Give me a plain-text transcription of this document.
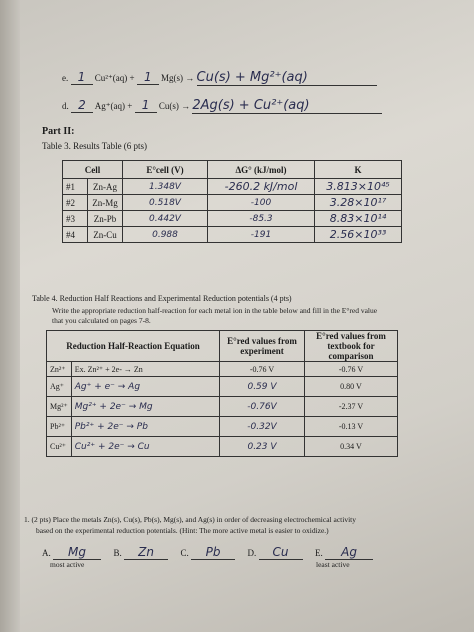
e. 1 Cu²⁺(aq) + 1 Mg(s) → Cu(s) + Mg²⁺(aq)
d. 2 Ag⁺(aq) + 1 Cu(s) → 2Ag(s) + Cu²⁺(aq)
Part II:
Table 3. Results Table (6 pts)
Cell		E°cell (V)	ΔG° (kJ/mol)	K
#1	Zn-Ag	1.348V	-260.2 kJ/mol	3.813×10⁴⁵
#2	Zn-Mg	0.518V	-100	3.28×10¹⁷
#3	Zn-Pb	0.442V	-85.3	8.83×10¹⁴
#4	Zn-Cu	0.988	-191	2.56×10³³
Table 4. Reduction Half Reactions and Experimental Reduction potentials (4 pts)
Write the appropriate reduction half-reaction for each metal ion in the table below and fill in the E°red value
that you calculated on pages 7-8.
Reduction Half-Reaction Equation		E°red values from experiment	E°red values from textbook for comparison
Zn²⁺	Ex. Zn²⁺ + 2e- → Zn	-0.76 V	-0.76 V
Ag⁺	Ag⁺ + e⁻ → Ag	0.59 V	0.80 V
Mg²⁺	Mg²⁺ + 2e⁻ → Mg	-0.76V	-2.37 V
Pb²⁺	Pb²⁺ + 2e⁻ → Pb	-0.32V	-0.13 V
Cu²⁺	Cu²⁺ + 2e⁻ → Cu	0.23 V	0.34 V
1. (2 pts) Place the metals Zn(s), Cu(s), Pb(s), Mg(s), and Ag(s) in order of decreasing electrochemical activity
based on the experimental reduction potentials. (Hint: The more active metal is easier to oxidize.)
A. Mg	B. Zn	C. Pb	D. Cu	E. Ag
most active	least active
